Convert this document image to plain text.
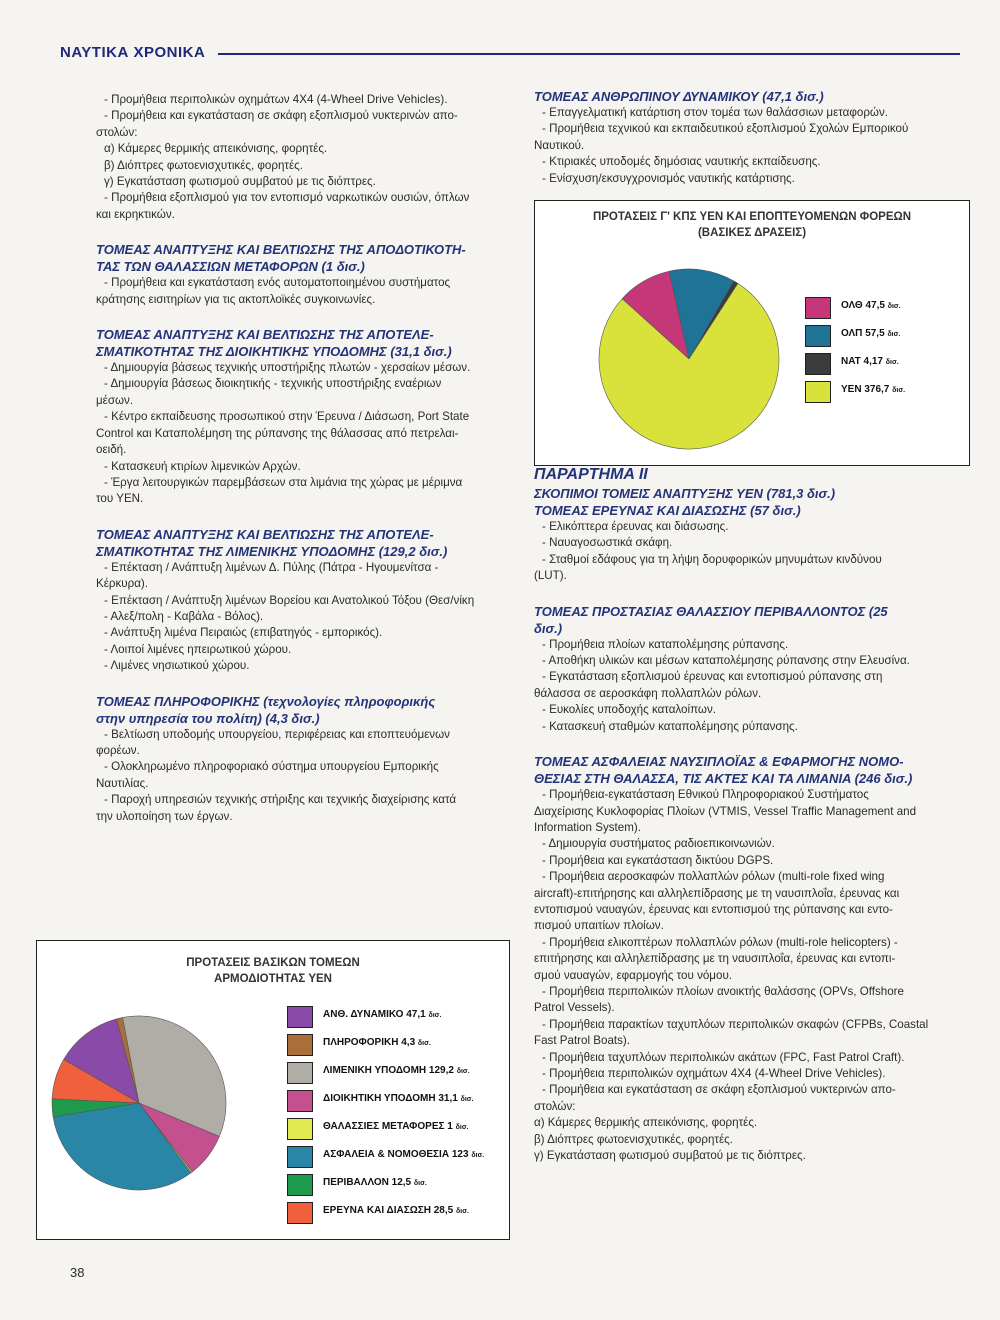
ΝΑΥΤΙΚΑ ΧΡΟΝΙΚΑ
- Προμήθεια περιπολικών οχημάτων 4Χ4 (4-Wheel Drive Vehicles).
- Προμήθεια και εγκατάσταση σε σκάφη εξοπλισμού νυκτερινών απο-
στολών:
α) Κάμερες θερμικής απεικόνισης, φορητές.
β) Διόπτρες φωτοενισχυτικές, φορητές.
γ) Εγκατάσταση φωτισμού συμβατού με τις διόπτρες.
- Προμήθεια εξοπλισμού για τον εντοπισμό ναρκωτικών ουσιών, όπλων
και εκρηκτικών.
ΤΟΜΕΑΣ ΑΝΑΠΤΥΞΗΣ ΚΑΙ ΒΕΛΤΙΩΣΗΣ ΤΗΣ ΑΠΟΔΟΤΙΚΟΤΗ-
ΤΑΣ ΤΩΝ ΘΑΛΑΣΣΙΩΝ ΜΕΤΑΦΟΡΩΝ (1 δισ.)
- Προμήθεια και εγκατάσταση ενός αυτοματοποιημένου συστήματος
κράτησης εισιτηρίων για τις ακτοπλοϊκές συγκοινωνίες.
ΤΟΜΕΑΣ ΑΝΑΠΤΥΞΗΣ ΚΑΙ ΒΕΛΤΙΩΣΗΣ ΤΗΣ ΑΠΟΤΕΛΕ-
ΣΜΑΤΙΚΟΤΗΤΑΣ ΤΗΣ ΔΙΟΙΚΗΤΙΚΗΣ ΥΠΟΔΟΜΗΣ (31,1 δισ.)
- Δημιουργία βάσεως τεχνικής υποστήριξης πλωτών - χερσαίων μέσων.
- Δημιουργία βάσεως διοικητικής - τεχνικής υποστήριξης εναέριων
μέσων.
- Κέντρο εκπαίδευσης προσωπικού στην Έρευνα / Διάσωση, Port State
Control και Καταπολέμηση της ρύπανσης της θάλασσας από πετρελαι-
οειδή.
- Κατασκευή κτιρίων λιμενικών Αρχών.
- Έργα λειτουργικών παρεμβάσεων στα λιμάνια της χώρας με μέριμνα
του ΥΕΝ.
ΤΟΜΕΑΣ ΑΝΑΠΤΥΞΗΣ ΚΑΙ ΒΕΛΤΙΩΣΗΣ ΤΗΣ ΑΠΟΤΕΛΕ-
ΣΜΑΤΙΚΟΤΗΤΑΣ ΤΗΣ ΛΙΜΕΝΙΚΗΣ ΥΠΟΔΟΜΗΣ (129,2 δισ.)
- Επέκταση / Ανάπτυξη λιμένων Δ. Πύλης (Πάτρα - Ηγουμενίτσα -
Κέρκυρα).
- Επέκταση / Ανάπτυξη λιμένων Βορείου και Ανατολικού Τόξου (Θεσ/νίκη
- Αλεξ/πολη - Καβάλα - Βόλος).
- Ανάπτυξη λιμένα Πειραιώς (επιβατηγός - εμπορικός).
- Λοιποί λιμένες ηπειρωτικού χώρου.
- Λιμένες νησιωτικού χώρου.
ΤΟΜΕΑΣ ΠΛΗΡΟΦΟΡΙΚΗΣ (τεχνολογίες πληροφορικής
στην υπηρεσία του πολίτη) (4,3 δισ.)
- Βελτίωση υποδομής υπουργείου, περιφέρειας και εποπτευόμενων
φορέων.
- Ολοκληρωμένο πληροφοριακό σύστημα υπουργείου Εμπορικής
Ναυτιλίας.
- Παροχή υπηρεσιών τεχνικής στήριξης και τεχνικής διαχείρισης κατά
την υλοποίηση των έργων.
ΤΟΜΕΑΣ ΑΝΘΡΩΠΙΝΟΥ ΔΥΝΑΜΙΚΟΥ (47,1 δισ.)
- Επαγγελματική κατάρτιση στον τομέα των θαλάσσιων μεταφορών.
- Προμήθεια τεχνικού και εκπαιδευτικού εξοπλισμού Σχολών Εμπορικού
Ναυτικού.
- Κτιριακές υποδομές δημόσιας ναυτικής εκπαίδευσης.
- Ενίσχυση/εκσυγχρονισμός ναυτικής κατάρτισης.
ΠΑΡΑΡΤΗΜΑ ΙΙ
ΣΚΟΠΙΜΟΙ ΤΟΜΕΙΣ ΑΝΑΠΤΥΞΗΣ ΥΕΝ (781,3 δισ.)
ΤΟΜΕΑΣ ΕΡΕΥΝΑΣ ΚΑΙ ΔΙΑΣΩΣΗΣ (57 δισ.)
- Ελικόπτερα έρευνας και διάσωσης.
- Ναυαγοσωστικά σκάφη.
- Σταθμοί εδάφους για τη λήψη δορυφορικών μηνυμάτων κινδύνου
(LUT).
ΤΟΜΕΑΣ ΠΡΟΣΤΑΣΙΑΣ ΘΑΛΑΣΣΙΟΥ ΠΕΡΙΒΑΛΛΟΝΤΟΣ (25
δισ.)
- Προμήθεια πλοίων καταπολέμησης ρύπανσης.
- Αποθήκη υλικών και μέσων καταπολέμησης ρύπανσης στην Ελευσίνα.
- Εγκατάσταση εξοπλισμού έρευνας και εντοπισμού ρύπανσης στη
θάλασσα σε αεροσκάφη πολλαπλών ρόλων.
- Ευκολίες υποδοχής καταλοίπων.
- Κατασκευή σταθμών καταπολέμησης ρύπανσης.
ΤΟΜΕΑΣ ΑΣΦΑΛΕΙΑΣ ΝΑΥΣΙΠΛΟΪΑΣ & ΕΦΑΡΜΟΓΗΣ ΝΟΜΟ-
ΘΕΣΙΑΣ ΣΤΗ ΘΑΛΑΣΣΑ, ΤΙΣ ΑΚΤΕΣ ΚΑΙ ΤΑ ΛΙΜΑΝΙΑ (246 δισ.)
- Προμήθεια-εγκατάσταση Εθνικού Πληροφοριακού Συστήματος
Διαχείρισης Κυκλοφορίας Πλοίων (VTMIS, Vessel Traffic Management and
Information System).
- Δημιουργία συστήματος ραδιοεπικοινωνιών.
- Προμήθεια και εγκατάσταση δικτύου DGPS.
- Προμήθεια αεροσκαφών πολλαπλών ρόλων (multi-role fixed wing
aircraft)-επιτήρησης και αλληλεπίδρασης με τη ναυσιπλοΐα, έρευνας και
εντοπισμού ναυαγών, έρευνας και εντοπισμού της ρύπανσης και εντο-
πισμού υπαιτίων πλοίων.
- Προμήθεια ελικοπτέρων πολλαπλών ρόλων (multi-role helicopters) -
επιτήρησης και αλληλεπίδρασης με τη ναυσιπλοΐα, έρευνας και εντοπι-
σμού ναυαγών, εφαρμογής του νόμου.
- Προμήθεια περιπολικών πλοίων ανοικτής θαλάσσης (OPVs, Offshore
Patrol Vessels).
- Προμήθεια παρακτίων ταχυπλόων περιπολικών σκαφών (CFPBs, Coastal
Fast Patrol Boats).
- Προμήθεια ταχυπλόων περιπολικών ακάτων (FPC, Fast Patrol Craft).
- Προμήθεια περιπολικών οχημάτων 4Χ4 (4-Wheel Drive Vehicles).
- Προμήθεια και εγκατάσταση σε σκάφη εξοπλισμού νυκτερινών απο-
στολών:
α) Κάμερες θερμικής απεικόνισης, φορητές.
β) Διόπτρες φωτοενισχυτικές, φορητές.
γ) Εγκατάσταση φωτισμού συμβατού με τις διόπτρες.
ΠΡΟΤΑΣΕΙΣ Γ' ΚΠΣ ΥΕΝ ΚΑΙ ΕΠΟΠΤΕΥΟΜΕΝΩΝ ΦΟΡΕΩΝ
(ΒΑΣΙΚΕΣ ΔΡΑΣΕΙΣ)
ΟΛΘ 47,5 δισ.
ΟΛΠ 57,5 δισ.
ΝΑΤ 4,17 δισ.
ΥΕΝ 376,7 δισ.
ΠΡΟΤΑΣΕΙΣ ΒΑΣΙΚΩΝ ΤΟΜΕΩΝ
ΑΡΜΟΔΙΟΤΗΤΑΣ ΥΕΝ
ΑΝΘ. ΔΥΝΑΜΙΚΟ 47,1 δισ.
ΠΛΗΡΟΦΟΡΙΚΗ 4,3 δισ.
ΛΙΜΕΝΙΚΗ ΥΠΟΔΟΜΗ 129,2 δισ.
ΔΙΟΙΚΗΤΙΚΗ ΥΠΟΔΟΜΗ 31,1 δισ.
ΘΑΛΑΣΣΙΕΣ ΜΕΤΑΦΟΡΕΣ 1 δισ.
ΑΣΦΑΛΕΙΑ & ΝΟΜΟΘΕΣΙΑ 123 δισ.
ΠΕΡΙΒΑΛΛΟΝ 12,5 δισ.
ΕΡΕΥΝΑ ΚΑΙ ΔΙΑΣΩΣΗ 28,5 δισ.
38
